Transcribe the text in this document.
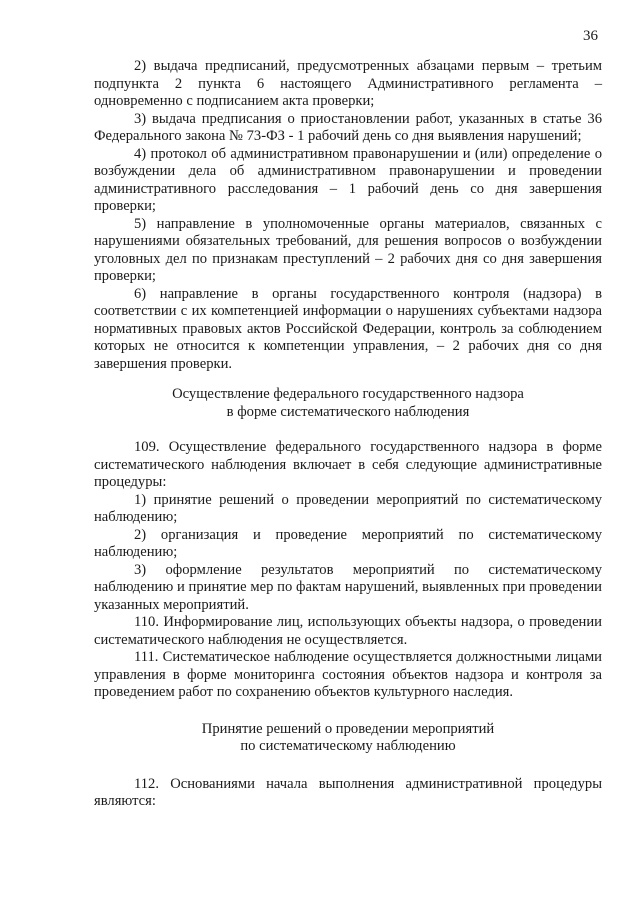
36

2) выдача предписаний, предусмотренных абзацами первым – третьим подпункта 2 пункта 6 настоящего Административного регламента – одновременно с подписанием акта проверки;

3) выдача предписания о приостановлении работ, указанных в статье 36 Федерального закона № 73-ФЗ - 1 рабочий день со дня выявления нарушений;

4) протокол об административном правонарушении и (или) определение о возбуждении дела об административном правонарушении и проведении административного расследования – 1 рабочий день со дня завершения проверки;

5) направление в уполномоченные органы материалов, связанных с нарушениями обязательных требований, для решения вопросов о возбуждении уголовных дел по признакам преступлений – 2 рабочих дня со дня завершения проверки;

6) направление в органы государственного контроля (надзора) в соответствии с их компетенцией информации о нарушениях субъектами надзора нормативных правовых актов Российской Федерации, контроль за соблюдением которых не относится к компетенции управления, – 2 рабочих дня со дня завершения проверки.

Осуществление федерального государственного надзора
в форме систематического наблюдения

109. Осуществление федерального государственного надзора в форме систематического наблюдения включает в себя следующие административные процедуры:

1) принятие решений о проведении мероприятий по систематическому наблюдению;

2) организация и проведение мероприятий по систематическому наблюдению;

3) оформление результатов мероприятий по систематическому наблюдению и принятие мер по фактам нарушений, выявленных при проведении указанных мероприятий.

110. Информирование лиц, использующих объекты надзора, о проведении систематического наблюдения не осуществляется.

111. Систематическое наблюдение осуществляется должностными лицами управления в форме мониторинга состояния объектов надзора и контроля за проведением работ по сохранению объектов культурного наследия.

Принятие решений о проведении мероприятий
по систематическому наблюдению

112. Основаниями начала выполнения административной процедуры являются:
